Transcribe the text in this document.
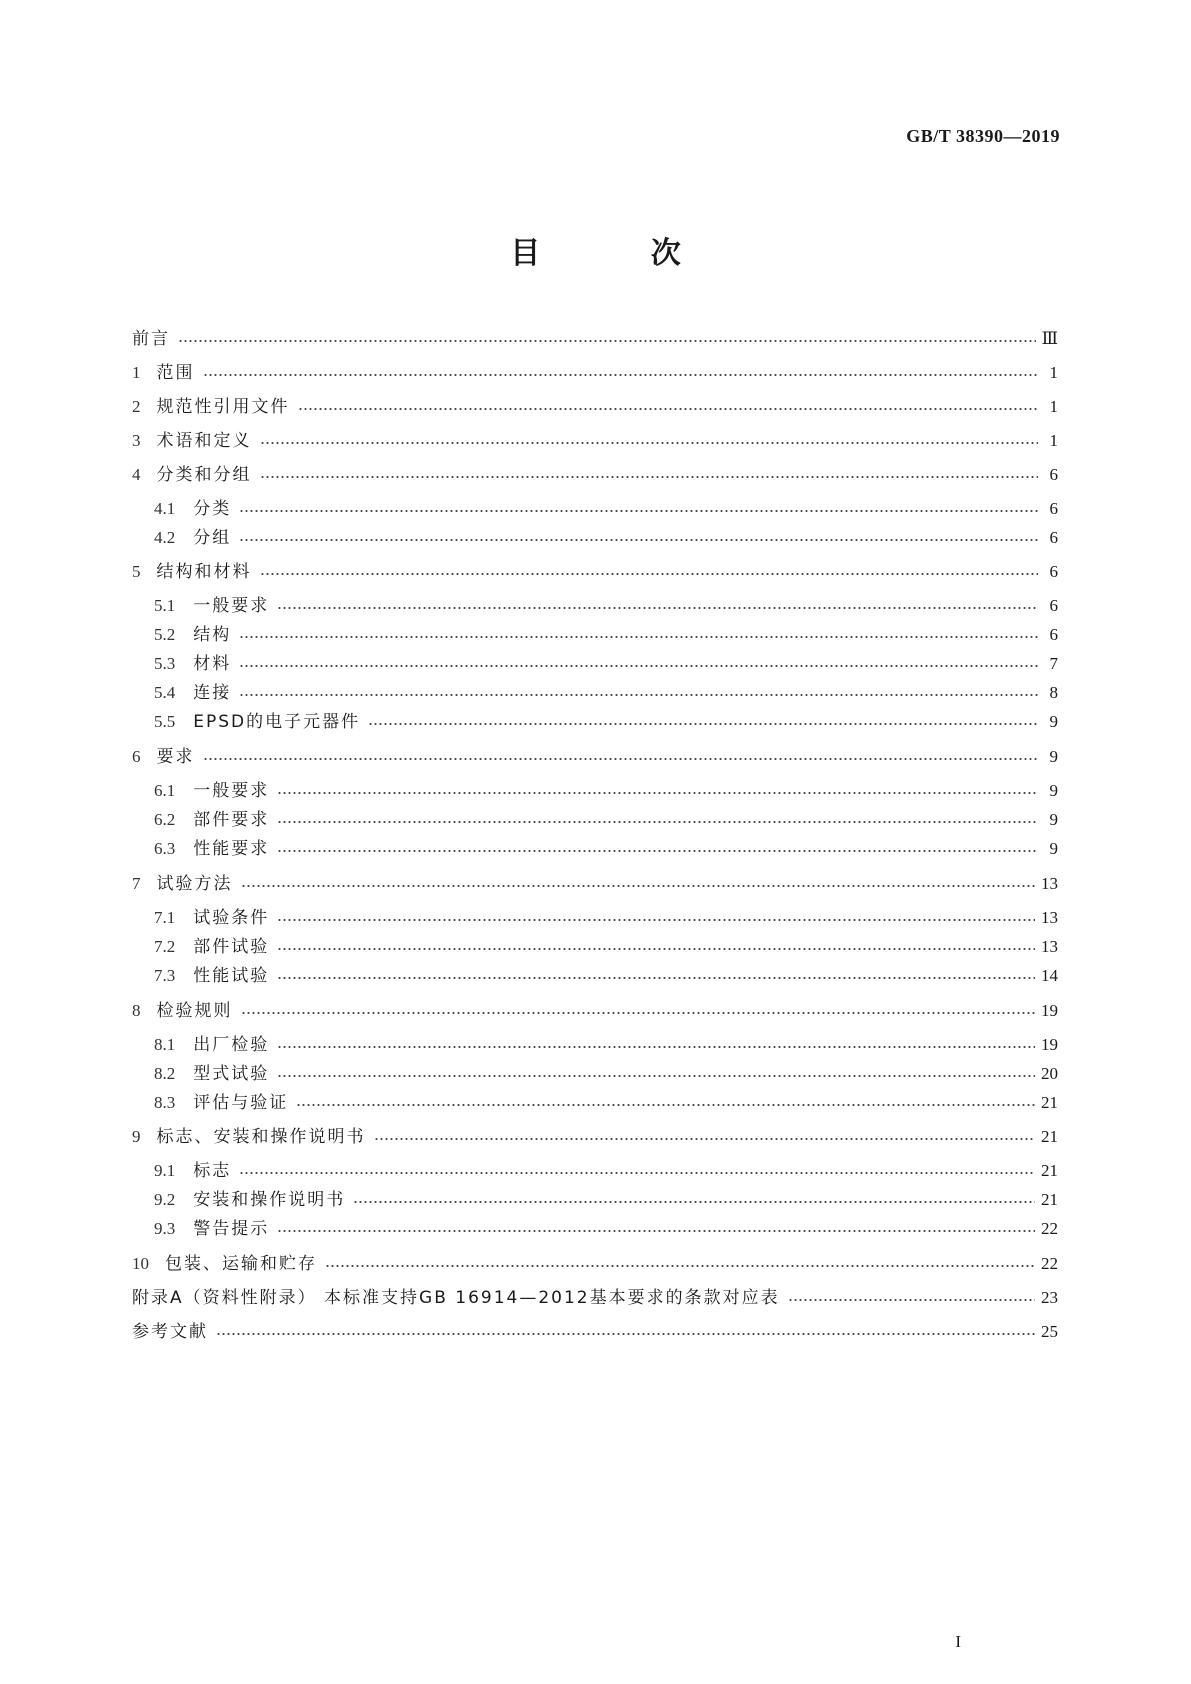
GB/T 38390—2019
目 次
前言	Ⅲ
1 范围	1
2 规范性引用文件	1
3 术语和定义	1
4 分类和分组	6
4.1 分类	6
4.2 分组	6
5 结构和材料	6
5.1 一般要求	6
5.2 结构	6
5.3 材料	7
5.4 连接	8
5.5 EPSD的电子元器件	9
6 要求	9
6.1 一般要求	9
6.2 部件要求	9
6.3 性能要求	9
7 试验方法	13
7.1 试验条件	13
7.2 部件试验	13
7.3 性能试验	14
8 检验规则	19
8.1 出厂检验	19
8.2 型式试验	20
8.3 评估与验证	21
9 标志、安装和操作说明书	21
9.1 标志	21
9.2 安装和操作说明书	21
9.3 警告提示	22
10 包装、运输和贮存	22
附录A（资料性附录） 本标准支持GB 16914—2012基本要求的条款对应表	23
参考文献	25
I
